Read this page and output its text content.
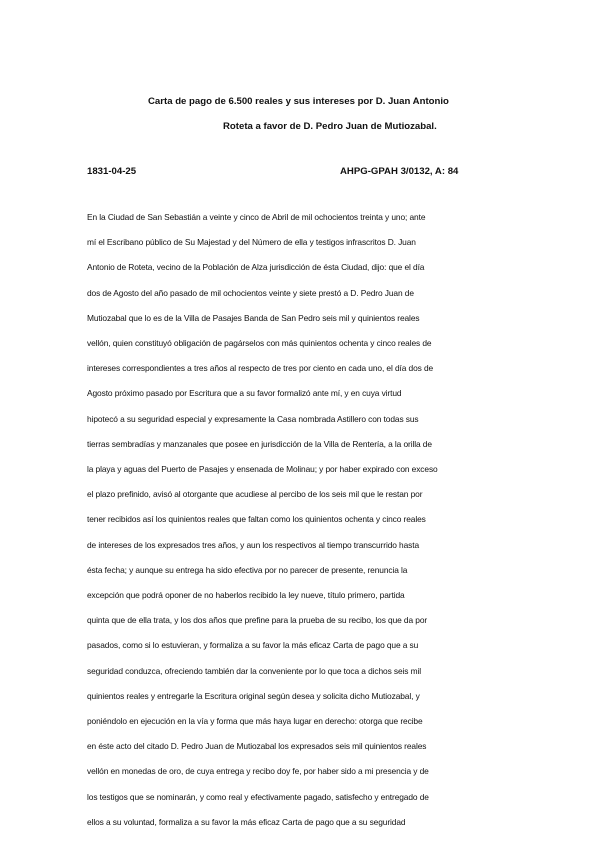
Carta de pago de 6.500 reales y sus intereses por D. Juan Antonio
Roteta a favor de D. Pedro Juan de Mutiozabal.
1831-04-25	AHPG-GPAH 3/0132, A: 84
En la Ciudad de San Sebastián a veinte y cinco de Abril de mil ochocientos treinta y uno; ante
mí el Escribano público de Su Majestad y del Número de ella y testigos infrascritos D. Juan
Antonio de Roteta, vecino de la Población de Alza jurisdicción de ésta Ciudad, dijo: que el día
dos de Agosto del año pasado de mil ochocientos veinte y siete prestó a D. Pedro Juan de
Mutiozabal que lo es de la Villa de Pasajes Banda de San Pedro seis mil y quinientos reales
vellón, quien constituyó obligación de pagárselos con más quinientos ochenta y cinco reales de
intereses correspondientes a tres años al respecto de tres por ciento en cada uno, el día dos de
Agosto próximo pasado por Escritura que a su favor formalizó ante mí, y en cuya virtud
hipotecó a su seguridad especial y expresamente la Casa nombrada Astillero con todas sus
tierras sembradías y manzanales que posee en jurisdicción de la Villa de Rentería, a la orilla de
la playa y aguas del Puerto de Pasajes y ensenada de Molinau; y por haber expirado con exceso
el plazo prefinido, avisó al otorgante que acudiese al percibo de los seis mil que le restan por
tener recibidos así los quinientos reales que faltan como los quinientos ochenta y cinco reales
de intereses de los expresados tres años, y aun los respectivos al tiempo transcurrido hasta
ésta fecha; y aunque su entrega ha sido efectiva por no parecer de presente, renuncia la
excepción que podrá oponer de no haberlos recibido la ley nueve, título primero, partida
quinta que de ella trata, y los dos años que prefine para la prueba de su recibo, los que da por
pasados, como si lo estuvieran, y formaliza a su favor la más eficaz Carta de pago que a su
seguridad conduzca, ofreciendo también dar la conveniente por lo que toca a dichos seis mil
quinientos reales y entregarle la Escritura original según desea y solicita dicho Mutiozabal, y
poniéndolo en ejecución en la vía y forma que más haya lugar en derecho: otorga que recibe
en éste acto del citado D. Pedro Juan de Mutiozabal los expresados seis mil quinientos reales
vellón en monedas de oro, de cuya entrega y recibo doy fe, por haber sido a mi presencia y de
los testigos que se nominarán, y como real y efectivamente pagado, satisfecho y entregado de
ellos a su voluntad, formaliza a su favor la más eficaz Carta de pago que a su seguridad
